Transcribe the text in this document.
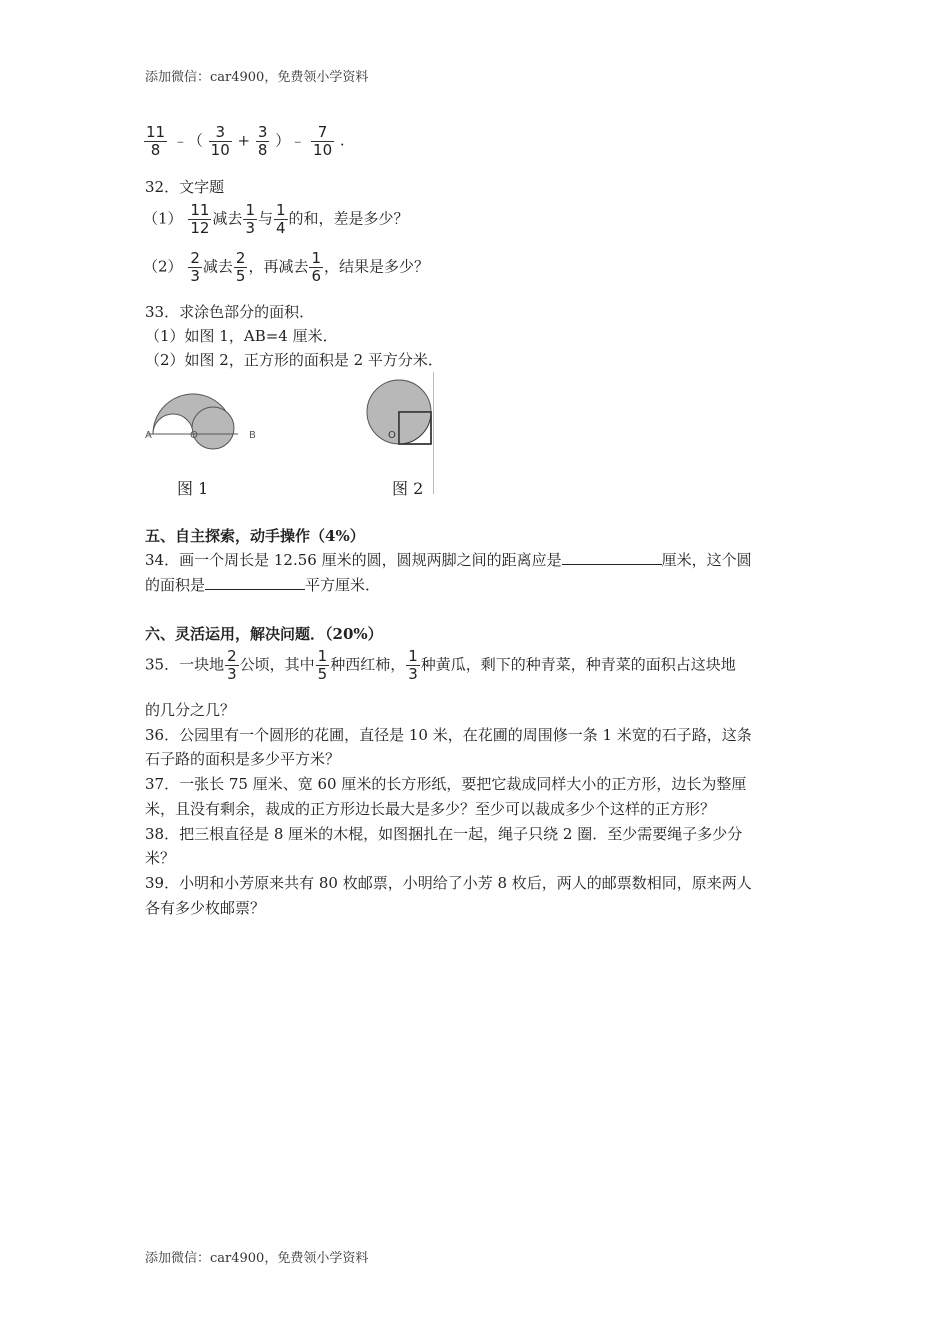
添加微信：car4900，免费领小学资料
$\frac{11}{8}$ ﹣（ $\frac{3}{10} + \frac{3}{8}$ ）﹣ $\frac{7}{10}$ .
32．文字题
$(1) \frac{11}{12}$ 减去 $\frac{1}{3}$ 与 $\frac{1}{4}$ 的和，差是多少？
$(2) \frac{2}{3}$ 减去 $\frac{2}{5}$ ，再减去 $\frac{1}{6}$ ，结果是多少？
33．求涂色部分的面积．
（1）如图 1，AB=4 厘米．
（2）如图 2，正方形的面积是 2 平方分米．
A	O	B
图 1
O
图 2
五、自主探索，动手操作（4%）
34．画一个周长是 12.56 厘米的圆，圆规两脚之间的距离应是	厘米，这个圆
的面积是	平方厘米．
六、灵活运用，解决问题．（20%）
35．一块地 $\frac{2}{3}$ 公顷，其中 $\frac{1}{5}$ 种西红柿， $\frac{1}{3}$ 种黄瓜，剩下的种青菜，种青菜的面积占这块地
的几分之几？
36．公园里有一个圆形的花圃，直径是 10 米，在花圃的周围修一条 1 米宽的石子路，这条
石子路的面积是多少平方米？
37．一张长 75 厘米、宽 60 厘米的长方形纸，要把它裁成同样大小的正方形，边长为整厘
米，且没有剩余，裁成的正方形边长最大是多少？至少可以裁成多少个这样的正方形？
38．把三根直径是 8 厘米的木棍，如图捆扎在一起，绳子只绕 2 圈．至少需要绳子多少分
米？
39．小明和小芳原来共有 80 枚邮票，小明给了小芳 8 枚后，两人的邮票数相同，原来两人
各有多少枚邮票？
添加微信：car4900，免费领小学资料
